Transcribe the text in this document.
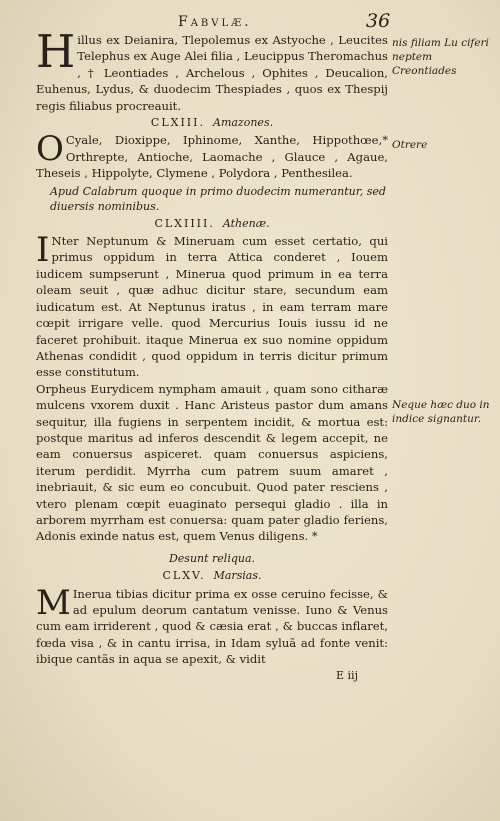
Fabvlæ.	36
nis filiam Lu ciferi neptem Creontiades
Otrere
Neque hæc duo in indice signantur.

Hillus ex Deianira, Tlepolemus ex Astyoche , Leucites Telephus ex Auge Alei filia , Leucippus Theromachus , † Leontiades , Archelous , Ophites , Deucalion, Euhenus, Lydus, & duodecim Thespiades , quos ex Thespij regis filiabus procreauit.

CLXIII. Amazones.

O Cyale, Dioxippe, Iphinome, Xanthe, Hippothœe,* Orthrepte, Antioche, Laomache , Glauce , Agaue, Theseis , Hippolyte, Clymene , Polydora , Penthesilea.

Apud Calabrum quoque in primo duodecim numerantur, sed diuersis nominibus.
CLXIIII. Athenæ.

I Nter Neptunum & Mineruam cum esset certatio, qui primus oppidum in terra Attica conderet , Iouem iudicem sumpserunt , Minerua quod primum in ea terra oleam seuit , quæ adhuc dicitur stare, secundum eam iudicatum est. At Neptunus iratus , in eam terram mare cœpit irrigare velle. quod Mercurius Iouis iussu id ne faceret prohibuit. itaque Minerua ex suo nomine oppidum Athenas condidit , quod oppidum in terris dicitur primum esse constitutum.

Orpheus Eurydicem nympham amauit , quam sono citharæ mulcens vxorem duxit . Hanc Aristeus pastor dum amans sequitur, illa fugiens in serpentem incidit, & mortua est: postque maritus ad inferos descendit & legem accepit, ne eam conuersus aspiceret. quam conuersus aspiciens, iterum perdidit. Myrrha cum patrem suum amaret , inebriauit, & sic eum eo concubuit. Quod pater resciens , vtero plenam cœpit euaginato persequi gladio . illa in arborem myrrham est conuersa: quam pater gladio feriens, Adonis exinde natus est, quem Venus diligens. *

Desunt reliqua.
CLXV. Marsias.

M Inerua tibias dicitur prima ex osse ceruino fecisse, & ad epulum deorum cantatum venisse. Iuno & Venus cum eam irriderent , quod & cæsia erat , & buccas inflaret, fœda visa , & in cantu irrisa, in Idam syluã ad fonte venit: ibique cantãs in aqua se apexit, & vidit

E iij
